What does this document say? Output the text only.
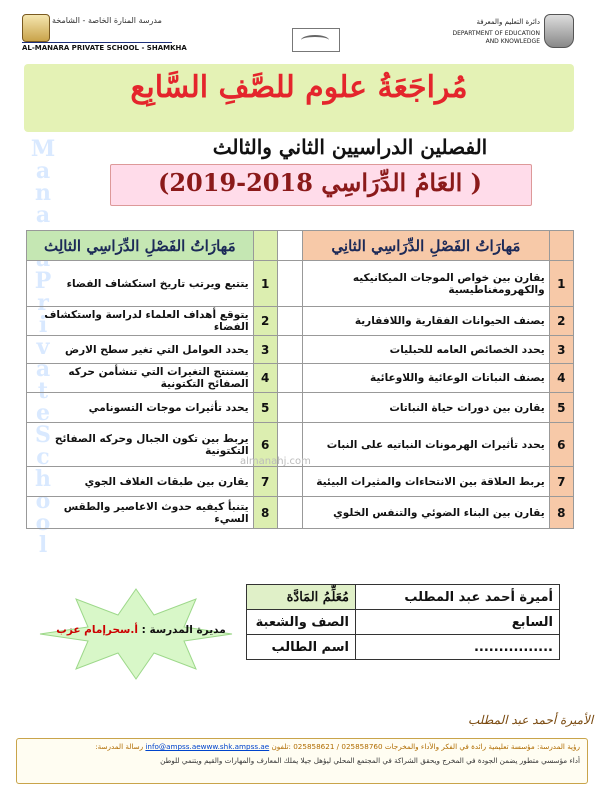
مدرسة المنارة الخاصة - الشامخة
AL-MANARA PRIVATE SCHOOL - SHAMKHA
دائرة التعليم والمعرفة
DEPARTMENT OF EDUCATION
AND KNOWLEDGE
مُراجَعَةُ علوم للصَّفِ السَّابِع
M
a
n
a
P
r
i
v
a
t
e
S
c
h
o
o
l
الفصلين الدراسيين الثاني والثالث
( العَامُ الدِّرَاسِي 2018-2019)
مَهارَاتُ الفَصْلِ الدِّرَاسِي الثالِث			مَهارَاتُ الفَصْلِ الدِّرَاسِي الثانِي	
يتتبع ويرتب تاريخ استكشاف الفضاء	1		يقارن بين خواص الموجات الميكانيكيه والكهرومغناطيسية	1
يتوقع أهداف العلماء لدراسة واستكشاف الفضاء	2		يصنف الحيوانات الفقارية واللافقارية	2
يحدد العوامل التي تغير سطح الارض	3		يحدد الخصائص العامه للحبليات	3
يستنتج التغيرات التي تنشأمن حركه الصفائح التكتونية	4		يصنف النباتات الوعائية واللاوعائية	4
يحدد تأثيرات موجات التسونامي	5		يقارن بين دورات حياة النباتات	5
يربط بين تكون الجبال وحركه الصفائح التكتونية	6		يحدد تأثيرات الهرمونات النباتيه على النبات	6
يقارن بين طبقات الغلاف الجوي	7		يربط العلاقة بين الانتحاءات والمثيرات البيئية	7
يتنبأ كيفيه حدوث الاعاصير والطقس السيء	8		يقارن بين البناء الضوئي والتنفس الخلوي	8
almanahj.com
مديرة المدرسة : أ.سحرإمام عزب
مُعَلِّمُ المَادَّة	أميرة أحمد عبد المطلب
الصف والشعبة	السابع
اسم الطالب	................
الأميرة أحمد عبد المطلب
رؤية المدرسة: مؤسسة تعليمية رائدة في الفكر والأداء والمخرجات 025858760 / 025858621 :تلفون info@ampss.aewww.shk.ampss.ae رسالة المدرسة:
أداء مؤسسي متطور يضمن الجودة في المخرج ويحقق الشراكة في المجتمع المحلي ليؤهل جيلا يملك المعارف والمهارات والقيم ويتنمي للوطن
